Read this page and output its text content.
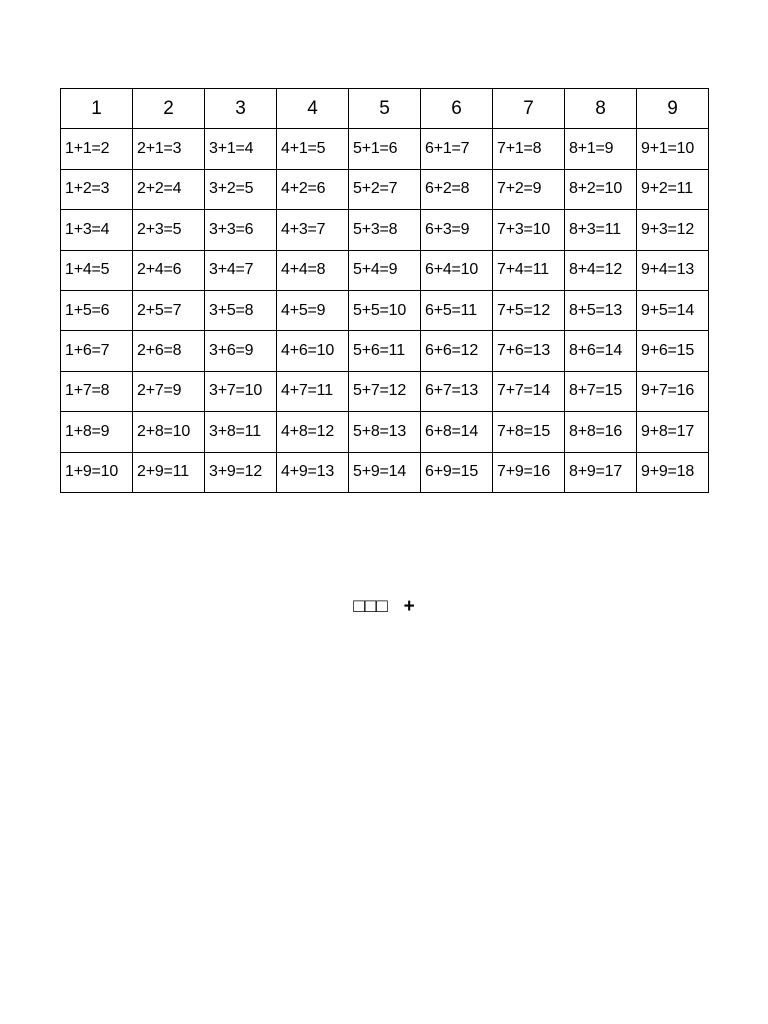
1	2	3	4	5	6	7	8	9
1+1=2	2+1=3	3+1=4	4+1=5	5+1=6	6+1=7	7+1=8	8+1=9	9+1=10
1+2=3	2+2=4	3+2=5	4+2=6	5+2=7	6+2=8	7+2=9	8+2=10	9+2=11
1+3=4	2+3=5	3+3=6	4+3=7	5+3=8	6+3=9	7+3=10	8+3=11	9+3=12
1+4=5	2+4=6	3+4=7	4+4=8	5+4=9	6+4=10	7+4=11	8+4=12	9+4=13
1+5=6	2+5=7	3+5=8	4+5=9	5+5=10	6+5=11	7+5=12	8+5=13	9+5=14
1+6=7	2+6=8	3+6=9	4+6=10	5+6=11	6+6=12	7+6=13	8+6=14	9+6=15
1+7=8	2+7=9	3+7=10	4+7=11	5+7=12	6+7=13	7+7=14	8+7=15	9+7=16
1+8=9	2+8=10	3+8=11	4+8=12	5+8=13	6+8=14	7+8=15	8+8=16	9+8=17
1+9=10	2+9=11	3+9=12	4+9=13	5+9=14	6+9=15	7+9=16	8+9=17	9+9=18
□□□ +
